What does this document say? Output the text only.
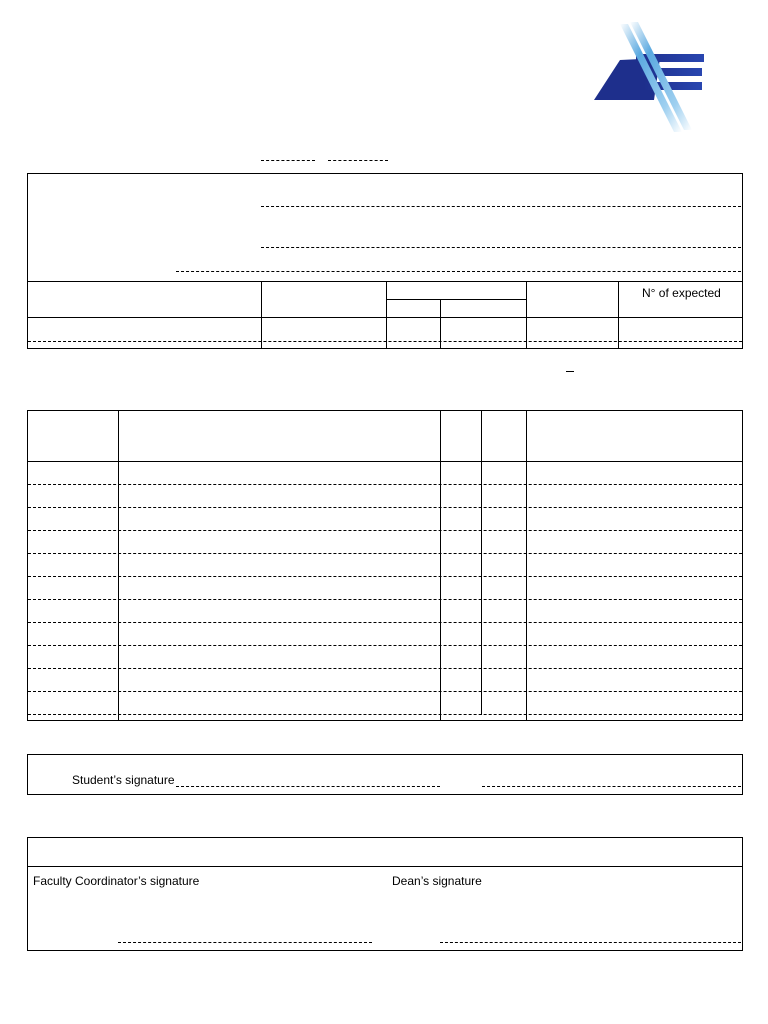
N° of expected
Student’s signature
Faculty Coordinator’s signature	Dean’s signature
